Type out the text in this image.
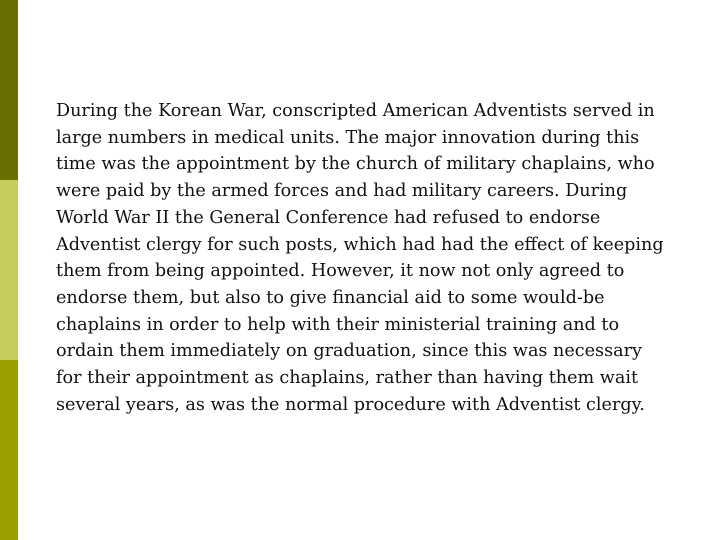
During the Korean War, conscripted American Adventists served in large numbers in medical units. The major innovation during this time was the appointment by the church of military chaplains, who were paid by the armed forces and had military careers. During World War II the General Conference had refused to endorse Adventist clergy for such posts, which had had the effect of keeping them from being appointed. However, it now not only agreed to endorse them, but also to give financial aid to some would-be chaplains in order to help with their ministerial training and to ordain them immediately on graduation, since this was necessary for their appointment as chaplains, rather than having them wait several years, as was the normal procedure with Adventist clergy.
